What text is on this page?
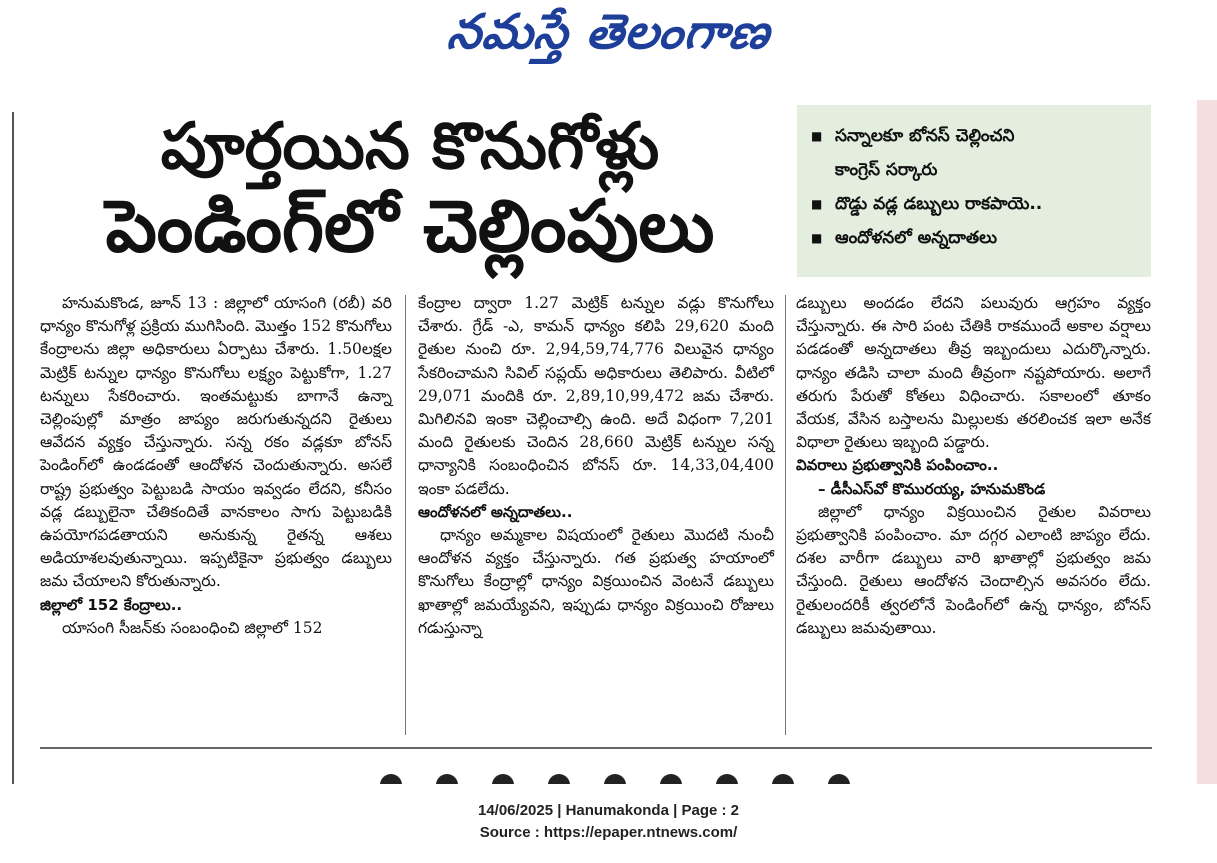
నమస్తే తెలంగాణ
పూర్తయిన కొనుగోళ్లు
పెండింగ్‌లో చెల్లింపులు
■ సన్నాలకూ బోనస్ చెల్లించని
కాంగ్రెస్ సర్కారు
■ దొడ్డు వడ్ల డబ్బులు రాకపాయె..
■ ఆందోళనలో అన్నదాతలు

హనుమకొండ, జూన్ 13 : జిల్లాలో యాసంగి (రబీ) వరి ధాన్యం కొనుగోళ్ల ప్రక్రియ ముగిసింది. మొత్తం 152 కొనుగోలు కేంద్రాలను జిల్లా అధికారులు ఏర్పాటు చేశారు. 1.50లక్షల మెట్రిక్ టన్నుల ధాన్యం కొనుగోలు లక్ష్యం పెట్టుకోగా, 1.27 టన్నులు సేకరించారు. ఇంతమట్టుకు బాగానే ఉన్నా చెల్లింపుల్లో మాత్రం జాప్యం జరుగుతున్నదని రైతులు ఆవేదన వ్యక్తం చేస్తున్నారు. సన్న రకం వడ్లకూ బోనస్ పెండింగ్‌లో ఉండడంతో ఆందోళన చెందుతున్నారు. అసలే రాష్ట్ర ప్రభుత్వం పెట్టుబడి సాయం ఇవ్వడం లేదని, కనీసం వడ్ల డబ్బులైనా చేతికందితే వానకాలం సాగు పెట్టుబడికి ఉపయోగపడతాయని అనుకున్న రైతన్న ఆశలు అడియాశలవుతున్నాయి. ఇప్పటికైనా ప్రభుత్వం డబ్బులు జమ చేయాలని కోరుతున్నారు.

జిల్లాలో 152 కేంద్రాలు..

యాసంగి సీజన్‌కు సంబంధించి జిల్లాలో 152

కేంద్రాల ద్వారా 1.27 మెట్రిక్ టన్నుల వడ్లు కొనుగోలు చేశారు. గ్రేడ్ -ఎ, కామన్ ధాన్యం కలిపి 29,620 మంది రైతుల నుంచి రూ. 2,94,59,74,776 విలువైన ధాన్యం సేకరించామని సివిల్ సప్లయ్ అధికారులు తెలిపారు. వీటిలో 29,071 మందికి రూ. 2,89,10,99,472 జమ చేశారు. మిగిలినవి ఇంకా చెల్లించాల్సి ఉంది. అదే విధంగా 7,201 మంది రైతులకు చెందిన 28,660 మెట్రిక్ టన్నుల సన్న ధాన్యానికి సంబంధించిన బోనస్ రూ. 14,33,04,400 ఇంకా పడలేదు.

ఆందోళనలో అన్నదాతలు..

ధాన్యం అమ్మకాల విషయంలో రైతులు మొదటి నుంచీ ఆందోళన వ్యక్తం చేస్తున్నారు. గత ప్రభుత్వ హయాంలో కొనుగోలు కేంద్రాల్లో ధాన్యం విక్రయించిన వెంటనే డబ్బులు ఖాతాల్లో జమయ్యేవని, ఇప్పుడు ధాన్యం విక్రయించి రోజులు గడుస్తున్నా

డబ్బులు అందడం లేదని పలువురు ఆగ్రహం వ్యక్తం చేస్తున్నారు. ఈ సారి పంట చేతికి రాకముందే అకాల వర్షాలు పడడంతో అన్నదాతలు తీవ్ర ఇబ్బందులు ఎదుర్కొన్నారు. ధాన్యం తడిసి చాలా మంది తీవ్రంగా నష్టపోయారు. అలాగే తరుగు పేరుతో కోతలు విధించారు. సకాలంలో తూకం వేయక, వేసిన బస్తాలను మిల్లులకు తరలించక ఇలా అనేక విధాలా రైతులు ఇబ్బంది పడ్డారు.

వివరాలు ప్రభుత్వానికి పంపించాం..

– డీసీఎస్‌వో కొమురయ్య, హనుమకొండ

జిల్లాలో ధాన్యం విక్రయించిన రైతుల వివరాలు ప్రభుత్వానికి పంపించాం. మా దగ్గర ఎలాంటి జాప్యం లేదు. దశల వారీగా డబ్బులు వారి ఖాతాల్లో ప్రభుత్వం జమ చేస్తుంది. రైతులు ఆందోళన చెందాల్సిన అవసరం లేదు. రైతులందరికీ త్వరలోనే పెండింగ్‌లో ఉన్న ధాన్యం, బోనస్ డబ్బులు జమవుతాయి.

14/06/2025 | Hanumakonda | Page : 2
Source : https://epaper.ntnews.com/
